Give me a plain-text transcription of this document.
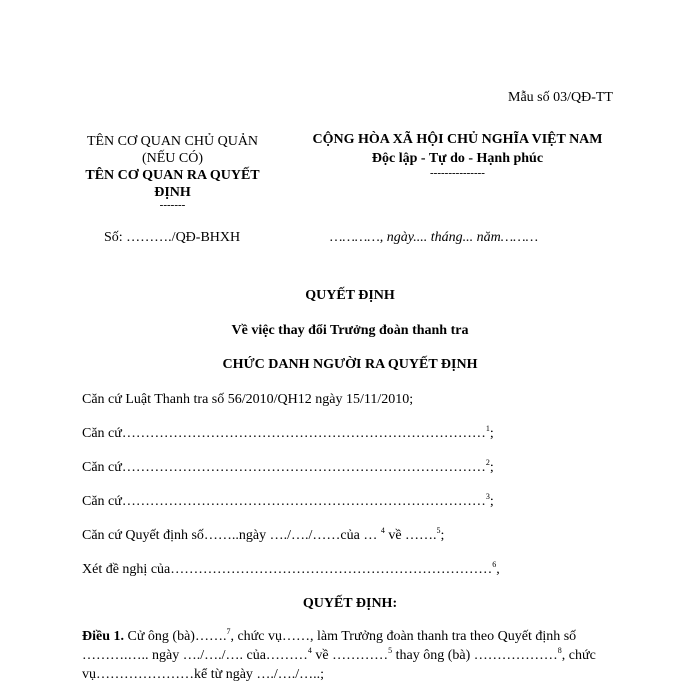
Mẫu số 03/QĐ-TT
TÊN CƠ QUAN CHỦ QUẢN
(NẾU CÓ)
TÊN CƠ QUAN RA QUYẾT
ĐỊNH
-------
CỘNG HÒA XÃ HỘI CHỦ NGHĨA VIỆT NAM
Độc lập - Tự do - Hạnh phúc
---------------
Số: ………./QĐ-BHXH	…………, ngày.... tháng... năm………
QUYẾT ĐỊNH
Về việc thay đổi Trưởng đoàn thanh tra
CHỨC DANH NGƯỜI RA QUYẾT ĐỊNH
Căn cứ Luật Thanh tra số 56/2010/QH12 ngày 15/11/2010;
Căn cứ……………………………………………………………………$^1$;
Căn cứ……………………………………………………………………$^2$;
Căn cứ……………………………………………………………………$^3$;
Căn cứ Quyết định số……..ngày …./…./……của … $^4$ về …….$^5$;
Xét đề nghị của……………………………………………………………$^6$,
QUYẾT ĐỊNH:
Điều 1. Cử ông (bà)…….$^7$, chức vụ……, làm Trưởng đoàn thanh tra theo Quyết định số ……….….. ngày …./…./…. của………$^4$ về …………$^5$ thay ông (bà) ………………$^8$, chức vụ…………………kể từ ngày …./…./…..;
